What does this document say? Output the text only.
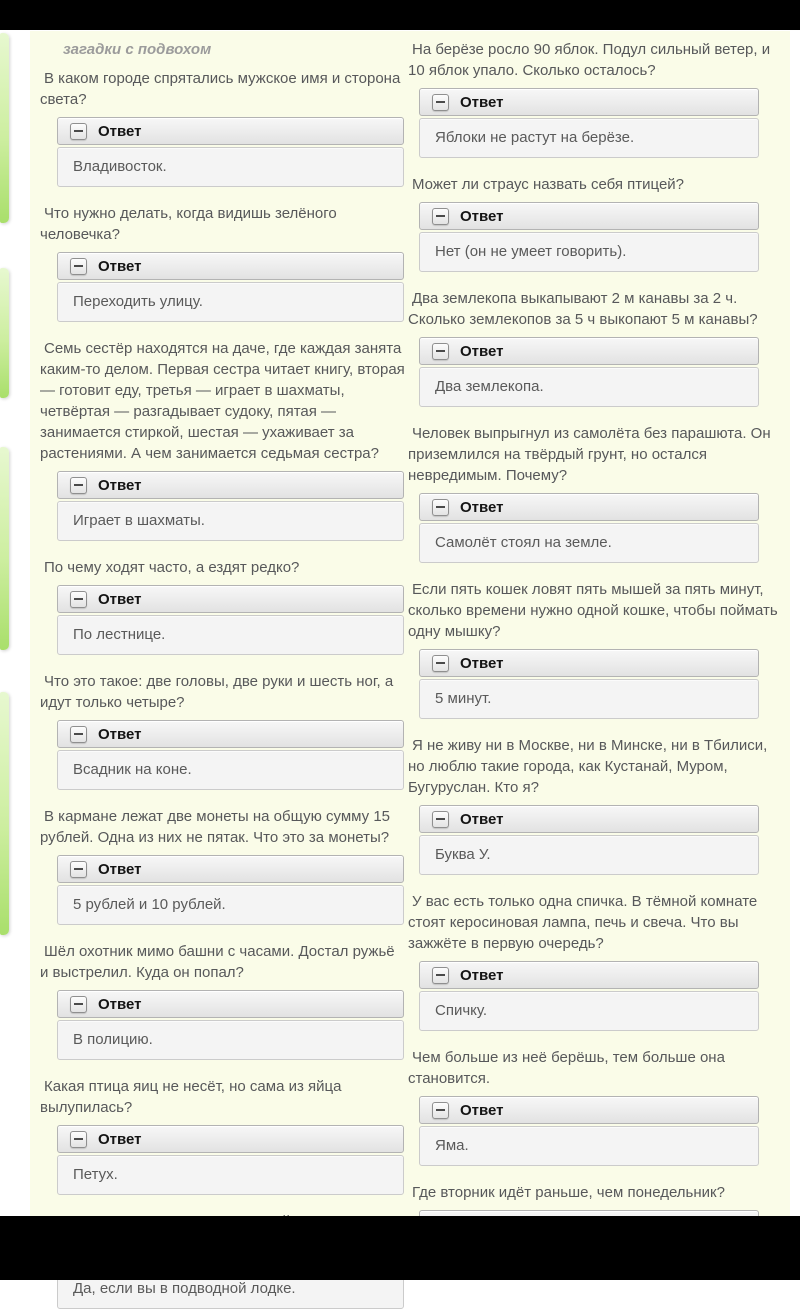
загадки с подвохом

В каком городе спрятались мужское имя и сторона света?

Ответ
Владивосток.

Что нужно делать, когда видишь зелёного человечка?

Ответ
Переходить улицу.

Семь сестёр находятся на даче, где каждая занята каким-то делом. Первая сестра читает книгу, вторая — готовит еду, третья — играет в шахматы, четвёртая — разгадывает судоку, пятая — занимается стиркой, шестая — ухаживает за растениями. А чем занимается седьмая сестра?

Ответ
Играет в шахматы.

По чему ходят часто, а ездят редко?

Ответ
По лестнице.

Что это такое: две головы, две руки и шесть ног, а идут только четыре?

Ответ
Всадник на коне.

В кармане лежат две монеты на общую сумму 15 рублей. Одна из них не пятак. Что это за монеты?

Ответ
5 рублей и 10 рублей.

Шёл охотник мимо башни с часами. Достал ружьё и выстрелил. Куда он попал?

Ответ
В полицию.

Какая птица яиц не несёт, но сама из яйца вылупилась?

Ответ
Петух.

Да, если вы в подводной лодке.

На берёзе росло 90 яблок. Подул сильный ветер, и 10 яблок упало. Сколько осталось?

Ответ
Яблоки не растут на берёзе.

Может ли страус назвать себя птицей?

Ответ
Нет (он не умеет говорить).

Два землекопа выкапывают 2 м канавы за 2 ч. Сколько землекопов за 5 ч выкопают 5 м канавы?

Ответ
Два землекопа.

Человек выпрыгнул из самолёта без парашюта. Он приземлился на твёрдый грунт, но остался невредимым. Почему?

Ответ
Самолёт стоял на земле.

Если пять кошек ловят пять мышей за пять минут, сколько времени нужно одной кошке, чтобы поймать одну мышку?

Ответ
5 минут.

Я не живу ни в Москве, ни в Минске, ни в Тбилиси, но люблю такие города, как Кустанай, Муром, Бугуруслан. Кто я?

Ответ
Буква У.

У вас есть только одна спичка. В тёмной комнате стоят керосиновая лампа, печь и свеча. Что вы зажжёте в первую очередь?

Ответ
Спичку.

Чем больше из неё берёшь, тем больше она становится.

Ответ
Яма.

Где вторник идёт раньше, чем понедельник?
